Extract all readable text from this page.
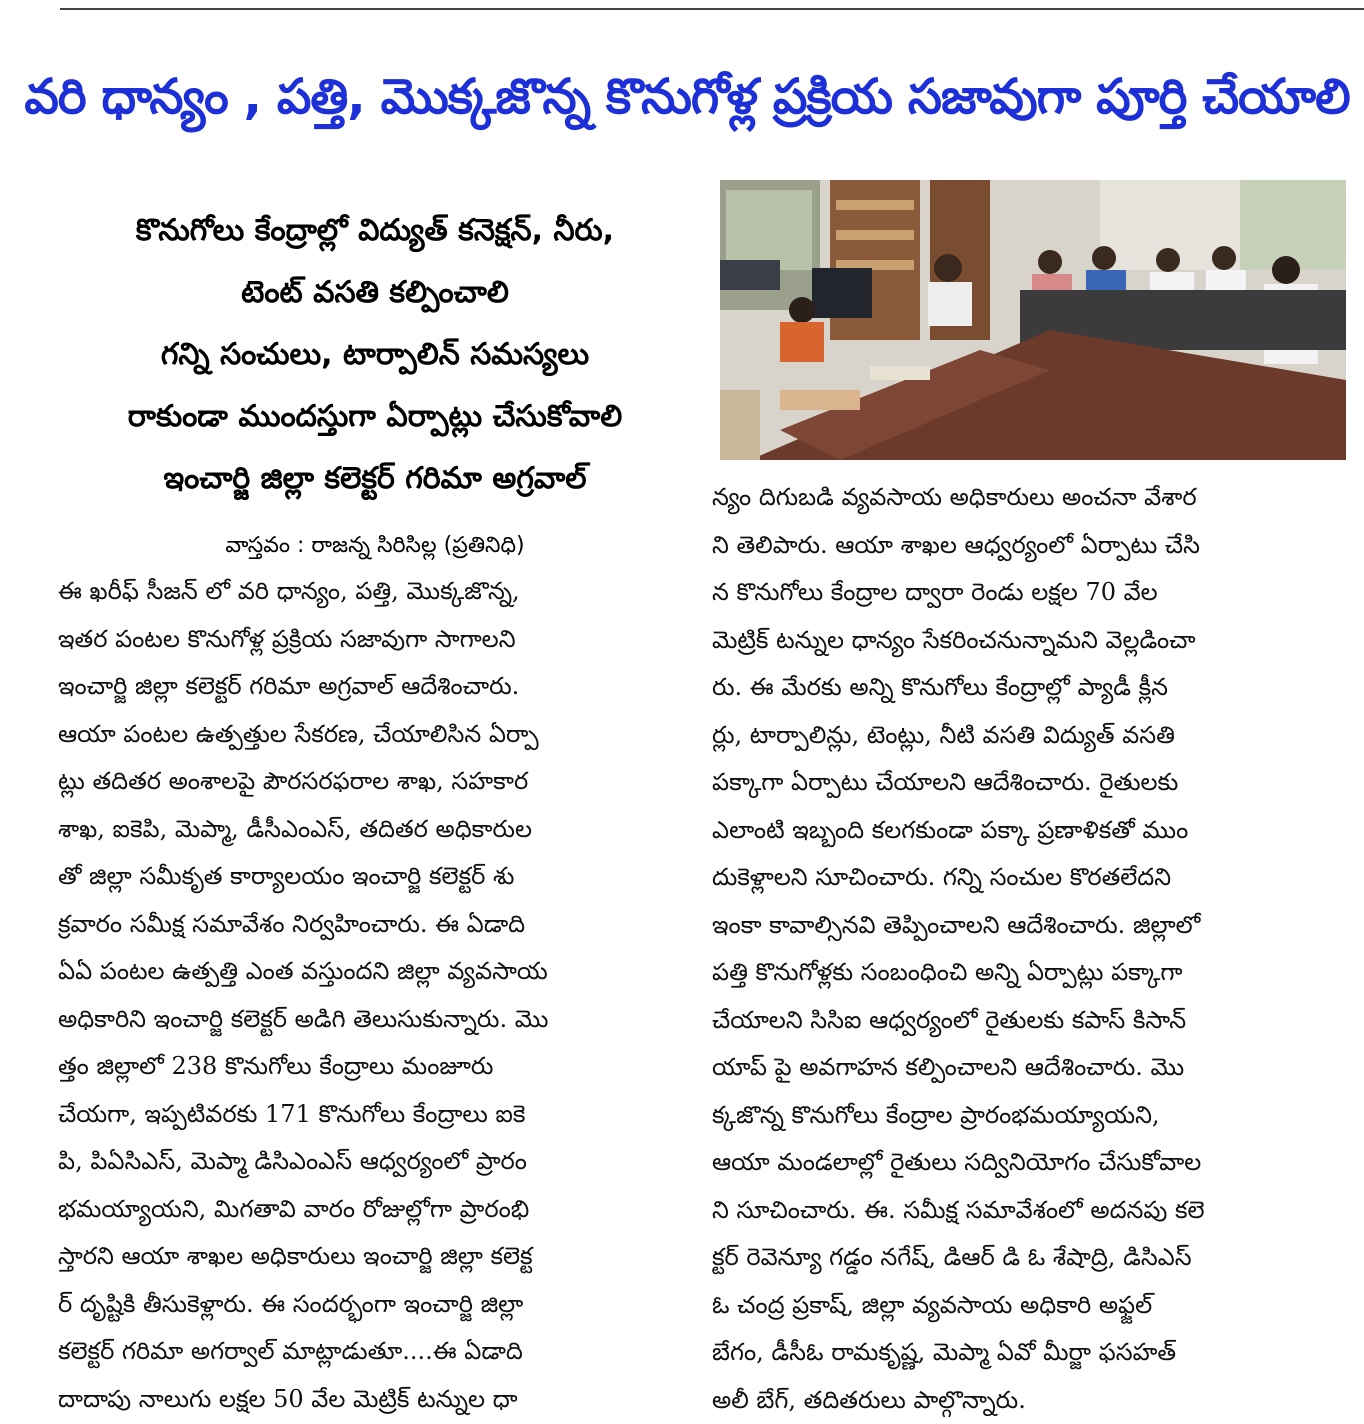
వరి ధాన్యం , పత్తి, మొక్కజొన్న కొనుగోళ్ల ప్రక్రియ సజావుగా పూర్తి చేయాలి

కొనుగోలు కేంద్రాల్లో విద్యుత్ కనెక్షన్, నీరు,

టెంట్ వసతి కల్పించాలి

గన్ని సంచులు, టార్పాలిన్ సమస్యలు

రాకుండా ముందస్తుగా ఏర్పాట్లు చేసుకోవాలి

ఇంచార్జి జిల్లా కలెక్టర్ గరిమా అగ్రవాల్

వాస్తవం : రాజన్న సిరిసిల్ల (ప్రతినిధి)

ఈ ఖరీఫ్ సీజన్ లో వరి ధాన్యం, పత్తి, మొక్కజొన్న,
ఇతర పంటల కొనుగోళ్ల ప్రక్రియ సజావుగా సాగాలని
ఇంచార్జి జిల్లా కలెక్టర్ గరిమా అగ్రవాల్ ఆదేశించారు.
ఆయా పంటల ఉత్పత్తుల సేకరణ, చేయాలిసిన ఏర్పా
ట్లు తదితర అంశాలపై పౌరసరఫరాల శాఖ, సహకార
శాఖ, ఐకెపి, మెప్మా, డీసీఎంఎస్, తదితర అధికారుల
తో జిల్లా సమీకృత కార్యాలయం ఇంచార్జి కలెక్టర్ శు
క్రవారం సమీక్ష సమావేశం నిర్వహించారు. ఈ ఏడాది
ఏఏ పంటల ఉత్పత్తి ఎంత వస్తుందని జిల్లా వ్యవసాయ
అధికారిని ఇంచార్జి కలెక్టర్ అడిగి తెలుసుకున్నారు. మొ
త్తం జిల్లాలో 238 కొనుగోలు కేంద్రాలు మంజూరు
చేయగా, ఇప్పటివరకు 171 కొనుగోలు కేంద్రాలు ఐకె
పి, పిఏసిఎస్, మెప్మా డిసిఎంఎస్ ఆధ్వర్యంలో ప్రారం
భమయ్యాయని, మిగతావి వారం రోజుల్లోగా ప్రారంభి
స్తారని ఆయా శాఖల అధికారులు ఇంచార్జి జిల్లా కలెక్ట
ర్ దృష్టికి తీసుకెళ్లారు. ఈ సందర్భంగా ఇంచార్జి జిల్లా
కలెక్టర్ గరిమా అగర్వాల్ మాట్లాడుతూ....ఈ ఏడాది
దాదాపు నాలుగు లక్షల 50 వేల మెట్రిక్ టన్నుల ధా
న్యం దిగుబడి వ్యవసాయ అధికారులు అంచనా వేశార
ని తెలిపారు. ఆయా శాఖల ఆధ్వర్యంలో ఏర్పాటు చేసి
న కొనుగోలు కేంద్రాల ద్వారా రెండు లక్షల 70 వేల
మెట్రిక్ టన్నుల ధాన్యం సేకరించనున్నామని వెల్లడించా
రు. ఈ మేరకు అన్ని కొనుగోలు కేంద్రాల్లో ప్యాడీ క్లీన
ర్లు, టార్పాలిన్లు, టెంట్లు, నీటి వసతి విద్యుత్ వసతి
పక్కాగా ఏర్పాటు చేయాలని ఆదేశించారు. రైతులకు
ఎలాంటి ఇబ్బంది కలగకుండా పక్కా ప్రణాళికతో ముం
దుకెళ్లాలని సూచించారు. గన్ని సంచుల కొరతలేదని
ఇంకా కావాల్సినవి తెప్పించాలని ఆదేశించారు. జిల్లాలో
పత్తి కొనుగోళ్లకు సంబంధించి అన్ని ఏర్పాట్లు పక్కాగా
చేయాలని సిసిఐ ఆధ్వర్యంలో రైతులకు కపాస్ కిసాన్
యాప్ పై అవగాహన కల్పించాలని ఆదేశించారు. మొ
క్కజొన్న కొనుగోలు కేంద్రాల ప్రారంభమయ్యాయని,
ఆయా మండలాల్లో రైతులు సద్వినియోగం చేసుకోవాల
ని సూచించారు. ఈ. సమీక్ష సమావేశంలో అదనపు కలె
క్టర్ రెవెన్యూ గడ్డం నగేష్, డిఆర్ డి ఓ శేషాద్రి, డిసిఎస్
ఓ చంద్ర ప్రకాష్, జిల్లా వ్యవసాయ అధికారి అఫ్జల్
బేగం, డీసీఓ రామకృష్ణ, మెప్మా ఏవో మీర్జా ఫసహత్
అలీ బేగ్, తదితరులు పాల్గొన్నారు.
